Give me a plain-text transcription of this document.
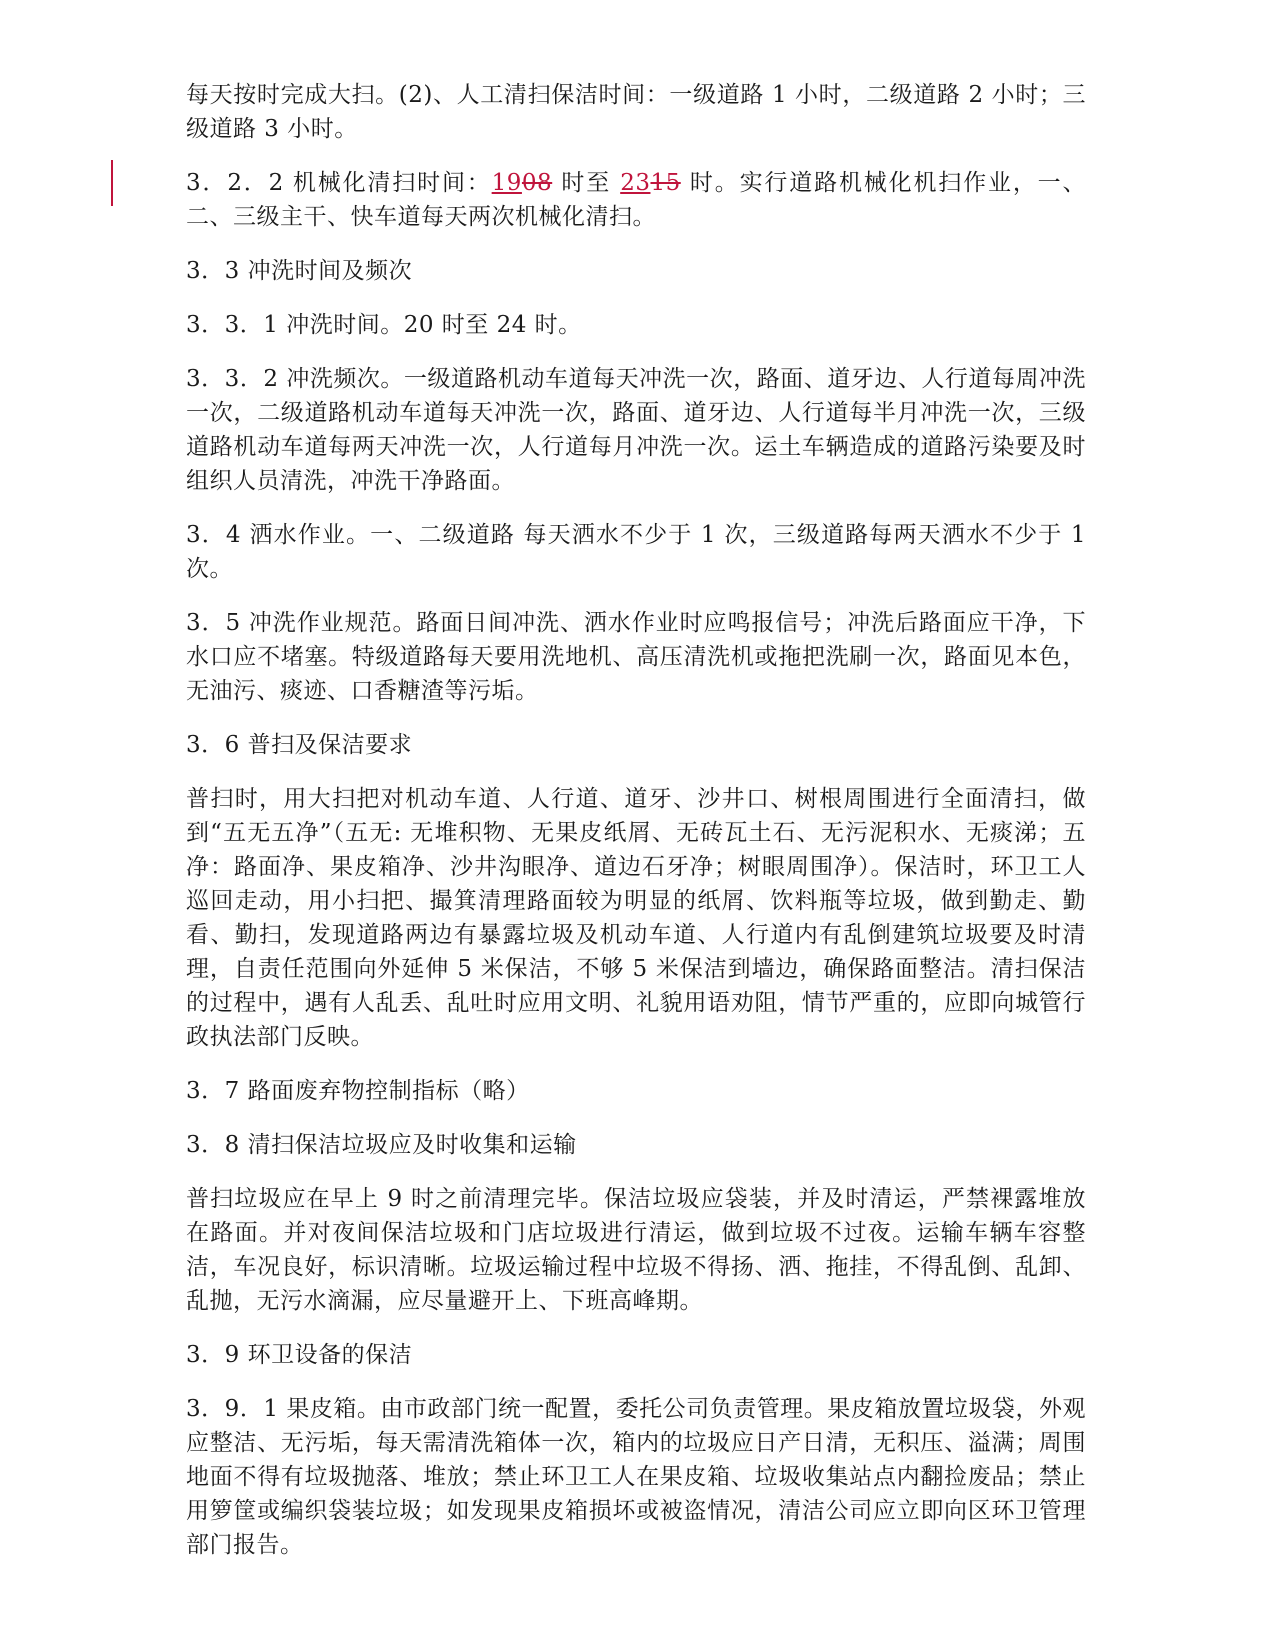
每天按时完成大扫。(2)、人工清扫保洁时间：一级道路 1 小时，二级道路 2 小时；三级道路 3 小时。

3．2．2 机械化清扫时间：1908 时至 2315 时。实行道路机械化机扫作业，一、二、三级主干、快车道每天两次机械化清扫。

3．3 冲洗时间及频次

3．3．1 冲洗时间。20 时至 24 时。

3．3．2 冲洗频次。一级道路机动车道每天冲洗一次，路面、道牙边、人行道每周冲洗一次，二级道路机动车道每天冲洗一次，路面、道牙边、人行道每半月冲洗一次，三级道路机动车道每两天冲洗一次，人行道每月冲洗一次。运土车辆造成的道路污染要及时组织人员清洗，冲洗干净路面。

3．4 洒水作业。一、二级道路 每天洒水不少于 1 次，三级道路每两天洒水不少于 1 次。

3．5 冲洗作业规范。路面日间冲洗、洒水作业时应鸣报信号；冲洗后路面应干净，下水口应不堵塞。特级道路每天要用洗地机、高压清洗机或拖把洗刷一次，路面见本色，无油污、痰迹、口香糖渣等污垢。

3．6 普扫及保洁要求

普扫时，用大扫把对机动车道、人行道、道牙、沙井口、树根周围进行全面清扫，做到“五无五净”（五无: 无堆积物、无果皮纸屑、无砖瓦土石、无污泥积水、无痰涕；五净：路面净、果皮箱净、沙井沟眼净、道边石牙净；树眼周围净）。保洁时，环卫工人巡回走动，用小扫把、撮箕清理路面较为明显的纸屑、饮料瓶等垃圾，做到勤走、勤看、勤扫，发现道路两边有暴露垃圾及机动车道、人行道内有乱倒建筑垃圾要及时清理，自责任范围向外延伸 5 米保洁，不够 5 米保洁到墙边，确保路面整洁。清扫保洁的过程中，遇有人乱丢、乱吐时应用文明、礼貌用语劝阻，情节严重的，应即向城管行政执法部门反映。

3．7 路面废弃物控制指标（略）

3．8 清扫保洁垃圾应及时收集和运输

普扫垃圾应在早上 9 时之前清理完毕。保洁垃圾应袋装，并及时清运，严禁裸露堆放在路面。并对夜间保洁垃圾和门店垃圾进行清运，做到垃圾不过夜。运输车辆车容整洁，车况良好，标识清晰。垃圾运输过程中垃圾不得扬、洒、拖挂，不得乱倒、乱卸、乱抛，无污水滴漏，应尽量避开上、下班高峰期。

3．9 环卫设备的保洁

3．9．1 果皮箱。由市政部门统一配置，委托公司负责管理。果皮箱放置垃圾袋，外观应整洁、无污垢，每天需清洗箱体一次，箱内的垃圾应日产日清，无积压、溢满；周围地面不得有垃圾抛落、堆放；禁止环卫工人在果皮箱、垃圾收集站点内翻捡废品；禁止用箩筐或编织袋装垃圾；如发现果皮箱损坏或被盗情况，清洁公司应立即向区环卫管理部门报告。
